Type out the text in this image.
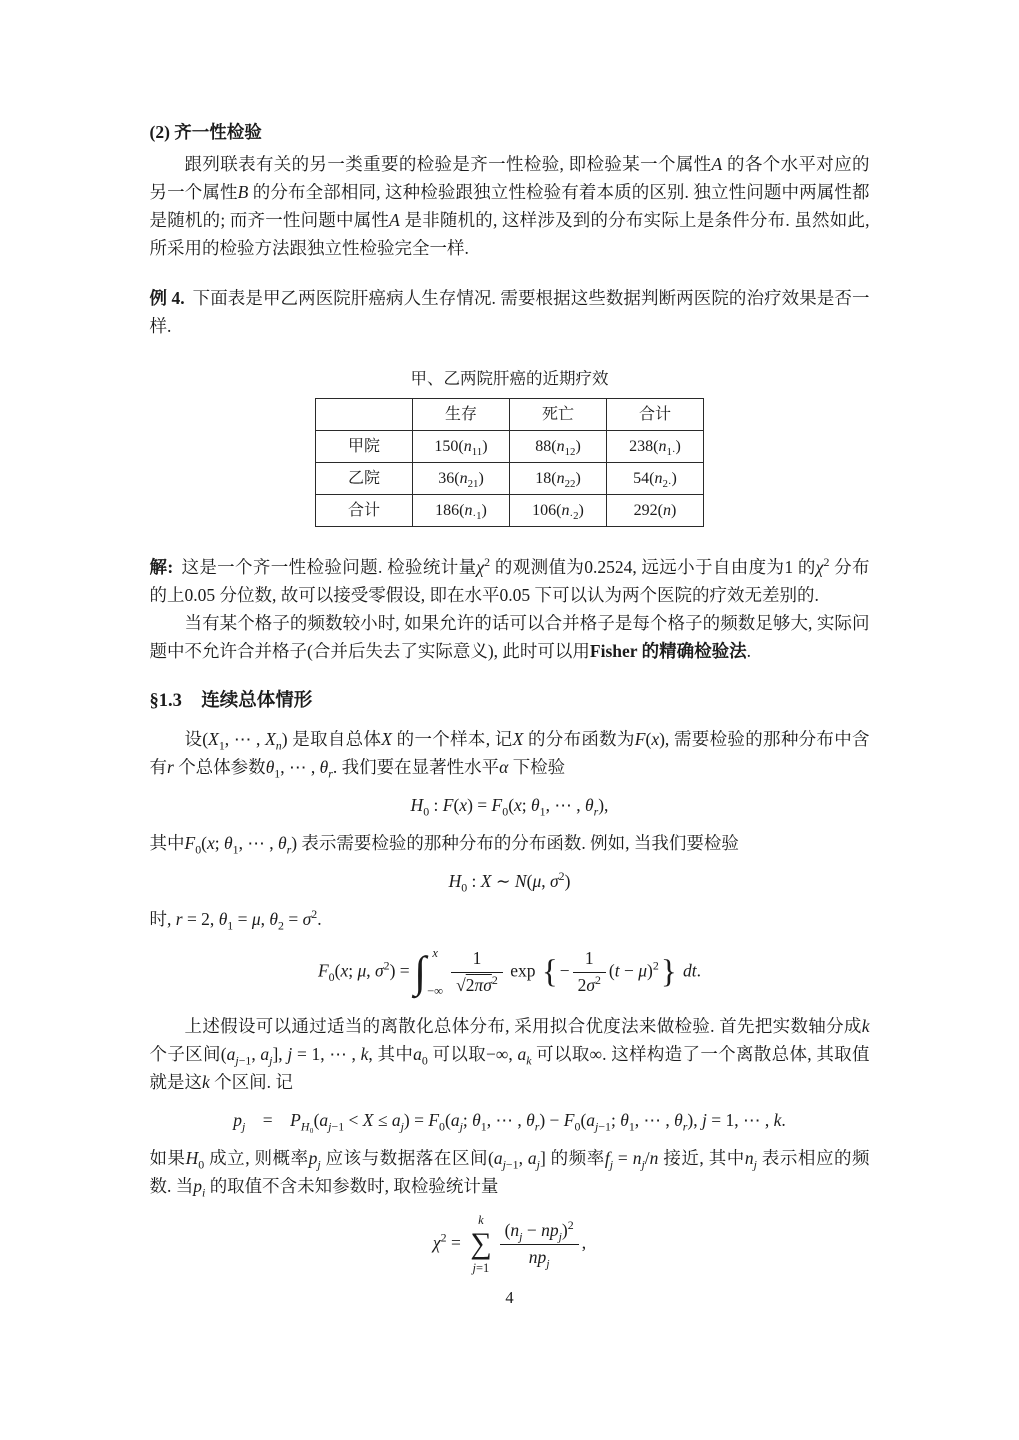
(2) 齐一性检验

跟列联表有关的另一类重要的检验是齐一性检验, 即检验某一个属性A 的各个水平对应的另一个属性B 的分布全部相同, 这种检验跟独立性检验有着本质的区别. 独立性问题中两属性都是随机的; 而齐一性问题中属性A 是非随机的, 这样涉及到的分布实际上是条件分布. 虽然如此, 所采用的检验方法跟独立性检验完全一样.

例 4. 下面表是甲乙两医院肝癌病人生存情况. 需要根据这些数据判断两医院的治疗效果是否一样.

甲、乙两院肝癌的近期疗效
	生存	死亡	合计
甲院	$150(n_{11})$	$88(n_{12})$	$238(n_{1\cdot})$
乙院	$36(n_{21})$	$18(n_{22})$	$54(n_{2\cdot})$
合计	$186(n_{\cdot 1})$	$106(n_{\cdot 2})$	292(n)

解: 这是一个齐一性检验问题. 检验统计量$\chi^2$ 的观测值为0.2524, 远远小于自由度为1 的$\chi^2$ 分布的上0.05 分位数, 故可以接受零假设, 即在水平0.05 下可以认为两个医院的疗效无差别的.

当有某个格子的频数较小时, 如果允许的话可以合并格子是每个格子的频数足够大, 实际问题中不允许合并格子(合并后失去了实际意义), 此时可以用Fisher 的精确检验法.

§1.3 连续总体情形

设($X_1$, ⋯ , $X_n$) 是取自总体X 的一个样本, 记X 的分布函数为F(x), 需要检验的那种分布中含有r 个总体参数$\theta_1$, ⋯ , $\theta_r$. 我们要在显著性水平α 下检验

$H_0$ : $F(x) = F_0(x$; $\theta_1$, ⋯ , $\theta_r$),

其中$F_0(x$; $\theta_1$, ⋯ , $\theta_r$) 表示需要检验的那种分布的分布函数. 例如, 当我们要检验

$H_0$ : X ∼ N(μ, $\sigma^2$)

时, r = 2, $\theta_1 = \mu$, $\theta_2 = \sigma^2$.

$F_0(x$; μ, $\sigma^2$) = ∫ x
−∞ $\frac{1}{√2\pi\sigma^2}$ exp { − $\frac{1}{2\sigma^2} (t - \mu)^2$} dt.

上述假设可以通过适当的离散化总体分布, 采用拟合优度法来做检验. 首先把实数轴分成k 个子区间($a_{j-1}$, $a_j$], j = 1, ⋯ , k, 其中$a_0$ 可以取−∞, $a_k$ 可以取∞. 这样构造了一个离散总体, 其取值就是这k 个区间. 记

$p_j$ = $P_{H_0}(a_{j-1} < X \le a_j) = F_0(a_j$; $\theta_1$, ⋯ , $\theta_r) - F_0(a_{j-1}$; $\theta_1$, ⋯ , $\theta_r$), j = 1, ⋯ , k.

如果$H_0$ 成立, 则概率$p_j$ 应该与数据落在区间($a_{j-1}$, $a_j$] 的频率$f_j = n_j/n$ 接近, 其中$n_j$ 表示相应的频数. 当$p_i$ 的取值不含未知参数时, 取检验统计量

$\chi^2$ =
k
∑
$j=1 \frac{(n_j - np_j)^2}{np_j}$ ,
4
